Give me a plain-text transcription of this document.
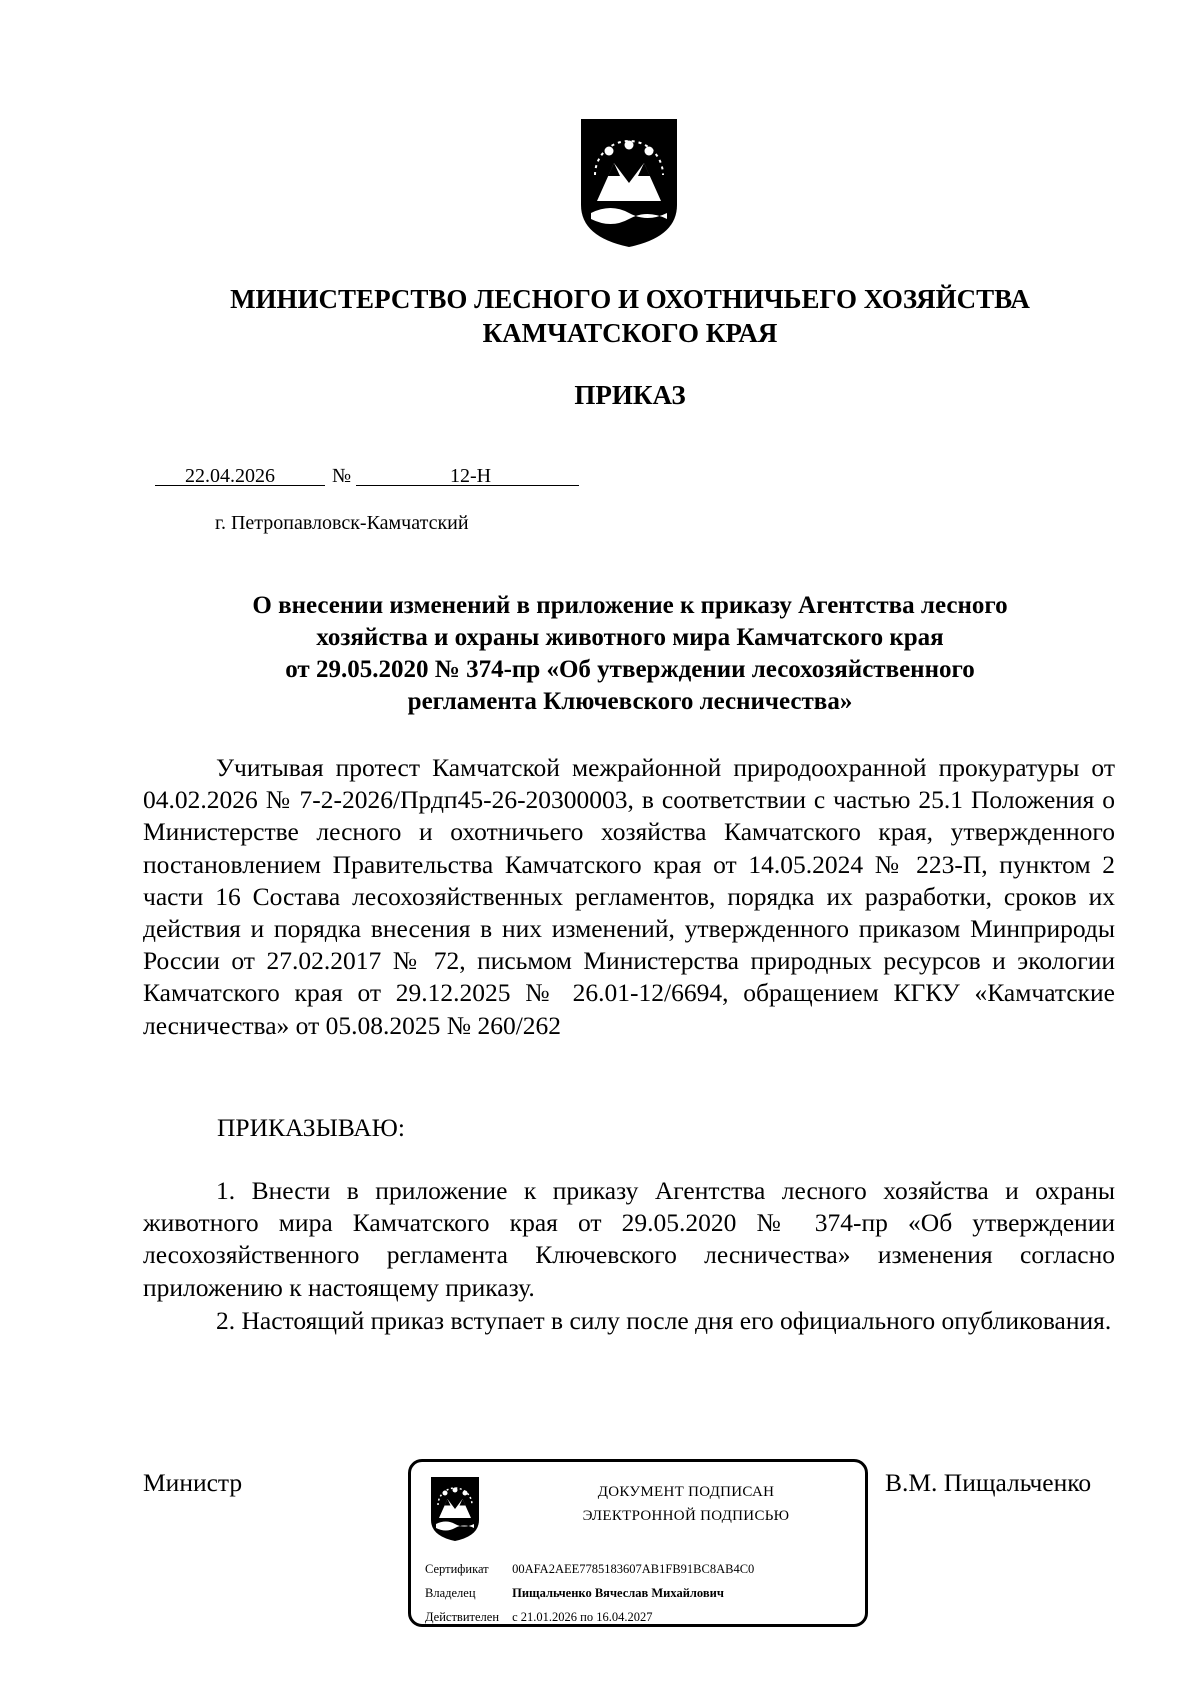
МИНИСТЕРСТВО ЛЕСНОГО И ОХОТНИЧЬЕГО ХОЗЯЙСТВА
КАМЧАТСКОГО КРАЯ
ПРИКАЗ
22.04.2026	№	12-Н
г. Петропавловск-Камчатский
О внесении изменений в приложение к приказу Агентства лесного
хозяйства и охраны животного мира Камчатского края
от 29.05.2020 № 374-пр «Об утверждении лесохозяйственного
регламента Ключевского лесничества»

Учитывая протест Камчатской межрайонной природоохранной прокуратуры от 04.02.2026 № 7-2-2026/Прдп45-26-20300003, в соответствии с частью 25.1 Положения о Министерстве лесного и охотничьего хозяйства Камчатского края, утвержденного постановлением Правительства Камчатского края от 14.05.2024 № 223-П, пунктом 2 части 16 Состава лесохозяйственных регламентов, порядка их разработки, сроков их действия и порядка внесения в них изменений, утвержденного приказом Минприроды России от 27.02.2017 № 72, письмом Министерства природных ресурсов и экологии Камчатского края от 29.12.2025 № 26.01-12/6694, обращением КГКУ «Камчатские лесничества» от 05.08.2025 № 260/262

ПРИКАЗЫВАЮ:

1. Внести в приложение к приказу Агентства лесного хозяйства и охраны животного мира Камчатского края от 29.05.2020 № 374-пр «Об утверждении лесохозяйственного регламента Ключевского лесничества» изменения согласно приложению к настоящему приказу.

2. Настоящий приказ вступает в силу после дня его официального опубликования.

Министр	В.М. Пищальченко
ДОКУМЕНТ ПОДПИСАН
ЭЛЕКТРОННОЙ ПОДПИСЬЮ
Сертификат 00AFA2AEE7785183607AB1FB91BC8AB4C0
Владелец	Пищальченко Вячеслав Михайлович
Действителен с 21.01.2026 по 16.04.2027
